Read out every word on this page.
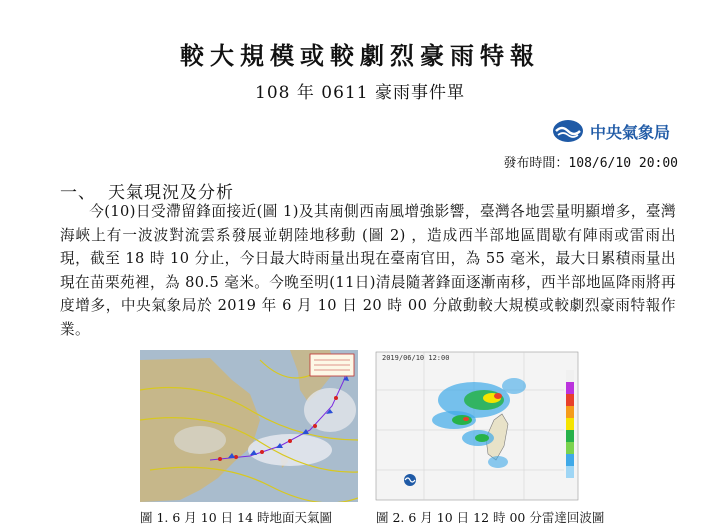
較大規模或較劇烈豪雨特報
108 年 0611 豪雨事件單
中央氣象局
發布時間：108/6/10 20:00
一、 天氣現況及分析
今(10)日受滯留鋒面接近(圖 1)及其南側西南風增強影響，臺灣各地雲量明顯增多，臺灣海峽上有一波波對流雲系發展並朝陸地移動 (圖 2) ，造成西半部地區間歇有陣雨或雷雨出現，截至 18 時 10 分止，今日最大時雨量出現在臺南官田，為 55 毫米，最大日累積雨量出現在苗栗苑裡，為 80.5 毫米。今晚至明(11日)清晨隨著鋒面逐漸南移，西半部地區降雨將再度增多，中央氣象局於 2019 年 6 月 10 日 20 時 00 分啟動較大規模或較劇烈豪雨特報作業。
2019/06/10 12:00
圖 1. 6 月 10 日 14 時地面天氣圖	圖 2. 6 月 10 日 12 時 00 分雷達回波圖
